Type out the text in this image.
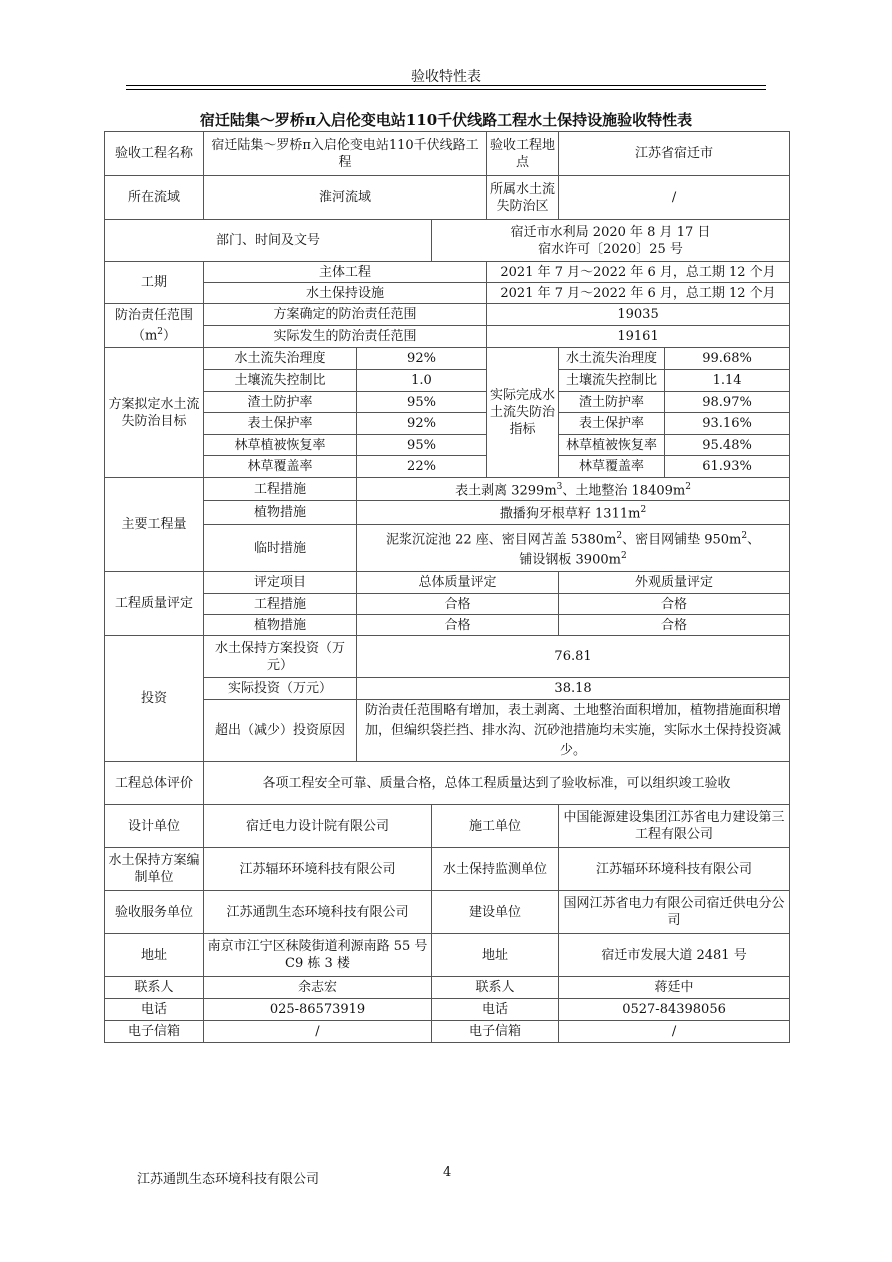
验收特性表
宿迁陆集～罗桥π入启伦变电站110千伏线路工程水土保持设施验收特性表
验收工程名称	宿迁陆集～罗桥π入启伦变电站110千伏线路工程			验收工程地点	江苏省宿迁市	
所在流域	淮河流域			所属水土流失防治区	/	
部门、时间及文号			宿迁市水利局 2020 年 8 月 17 日
宿水许可〔2020〕25 号			

工期	主体工程			2021 年 7 月～2022 年 6 月，总工期 12 个月		
	水土保持设施			2021 年 7 月～2022 年 6 月，总工期 12 个月		
防治责任范围$(m^2)$	方案确定的防治责任范围			19035		
	实际发生的防治责任范围			19161		
方案拟定水土流失防治目标	水土流失治理度	92%		实际完成水土流失防治指标	水土流失治理度	99.68%
	土壤流失控制比	1.0			土壤流失控制比	1.14
	渣土防护率	95%			渣土防护率	98.97%
	表土保护率	92%			表土保护率	93.16%
	林草植被恢复率	95%			林草植被恢复率	95.48%
	林草覆盖率	22%			林草覆盖率	61.93%
主要工程量	工程措施	表土剥离 $3299m^3$、土地整治 $18409m^2$
	植物措施	撒播狗牙根草籽 $1311m^2$
	临时措施	泥浆沉淀池 22 座、密目网苫盖 $5380m^2$、密目网铺垫 $950m^2$、
铺设钢板 $3900m^2$
工程质量评定	评定项目	总体质量评定			外观质量评定	
	工程措施	合格			合格	
	植物措施	合格			合格	
投资	水土保持方案投资（万元）	76.81				
	实际投资（万元）	38.18				
	超出（减少）投资原因	防治责任范围略有增加，表土剥离、土地整治面积增加，植物措施面积增加，但编织袋拦挡、排水沟、沉砂池措施均未实施，实际水土保持投资减少。				
工程总体评价	各项工程安全可靠、质量合格，总体工程质量达到了验收标准，可以组织竣工验收					
设计单位	宿迁电力设计院有限公司		施工单位		中国能源建设集团江苏省电力建设第三工程有限公司	
水土保持方案编制单位	江苏辐环环境科技有限公司		水土保持监测单位		江苏辐环环境科技有限公司	
验收服务单位	江苏通凯生态环境科技有限公司		建设单位		国网江苏省电力有限公司宿迁供电分公司	
地址	南京市江宁区秣陵街道利源南路 55 号 C9 栋 3 楼		地址		宿迁市发展大道 2481 号	
联系人	余志宏		联系人		蒋廷中	
电话	025-86573919		电话		0527-84398056	
电子信箱	/		电子信箱		/	
江苏通凯生态环境科技有限公司	4
